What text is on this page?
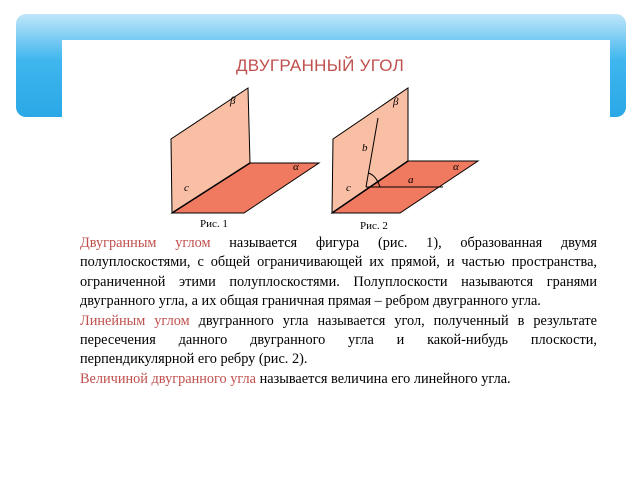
ДВУГРАННЫЙ УГОЛ
β
α
c
Рис. 1
β
α
b
a
c
Рис. 2

Двугранным углом называется фигура (рис. 1), образованная двумя полуплоскостями, с общей ограничивающей их прямой, и частью пространства, ограниченной этими полуплоскостями. Полуплоскости называются гранями двугранного угла, а их общая граничная прямая – ребром двугранного угла.

Линейным углом двугранного угла называется угол, полученный в результате пересечения данного двугранного угла и какой-нибудь плоскости, перпендикулярной его ребру (рис. 2).

Величиной двугранного угла называется величина его линейного угла.
